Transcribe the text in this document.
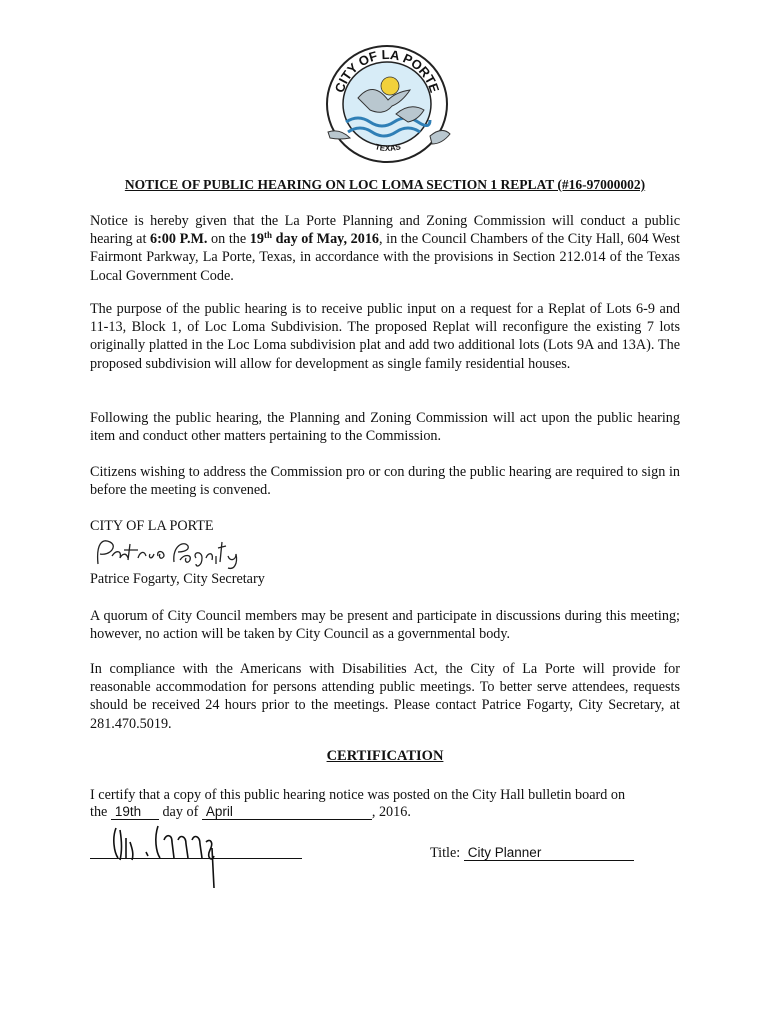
CITY OF LA PORTE
TEXAS
NOTICE OF PUBLIC HEARING ON LOC LOMA SECTION 1 REPLAT (#16-97000002)

Notice is hereby given that the La Porte Planning and Zoning Commission will conduct a public hearing at 6:00 P.M. on the 19th day of May, 2016, in the Council Chambers of the City Hall, 604 West Fairmont Parkway, La Porte, Texas, in accordance with the provisions in Section 212.014 of the Texas Local Government Code.

The purpose of the public hearing is to receive public input on a request for a Replat of Lots 6-9 and 11-13, Block 1, of Loc Loma Subdivision. The proposed Replat will reconfigure the existing 7 lots originally platted in the Loc Loma subdivision plat and add two additional lots (Lots 9A and 13A). The proposed subdivision will allow for development as single family residential houses.

Following the public hearing, the Planning and Zoning Commission will act upon the public hearing item and conduct other matters pertaining to the Commission.

Citizens wishing to address the Commission pro or con during the public hearing are required to sign in before the meeting is convened.

CITY OF LA PORTE
Patrice Fogarty, City Secretary

A quorum of City Council members may be present and participate in discussions during this meeting; however, no action will be taken by City Council as a governmental body.

In compliance with the Americans with Disabilities Act, the City of La Porte will provide for reasonable accommodation for persons attending public meetings. To better serve attendees, requests should be received 24 hours prior to the meetings. Please contact Patrice Fogarty, City Secretary, at 281.470.5019.

CERTIFICATION
I certify that a copy of this public hearing notice was posted on the City Hall bulletin board on
the 19th day of April	, 2016.
Title: City Planner
